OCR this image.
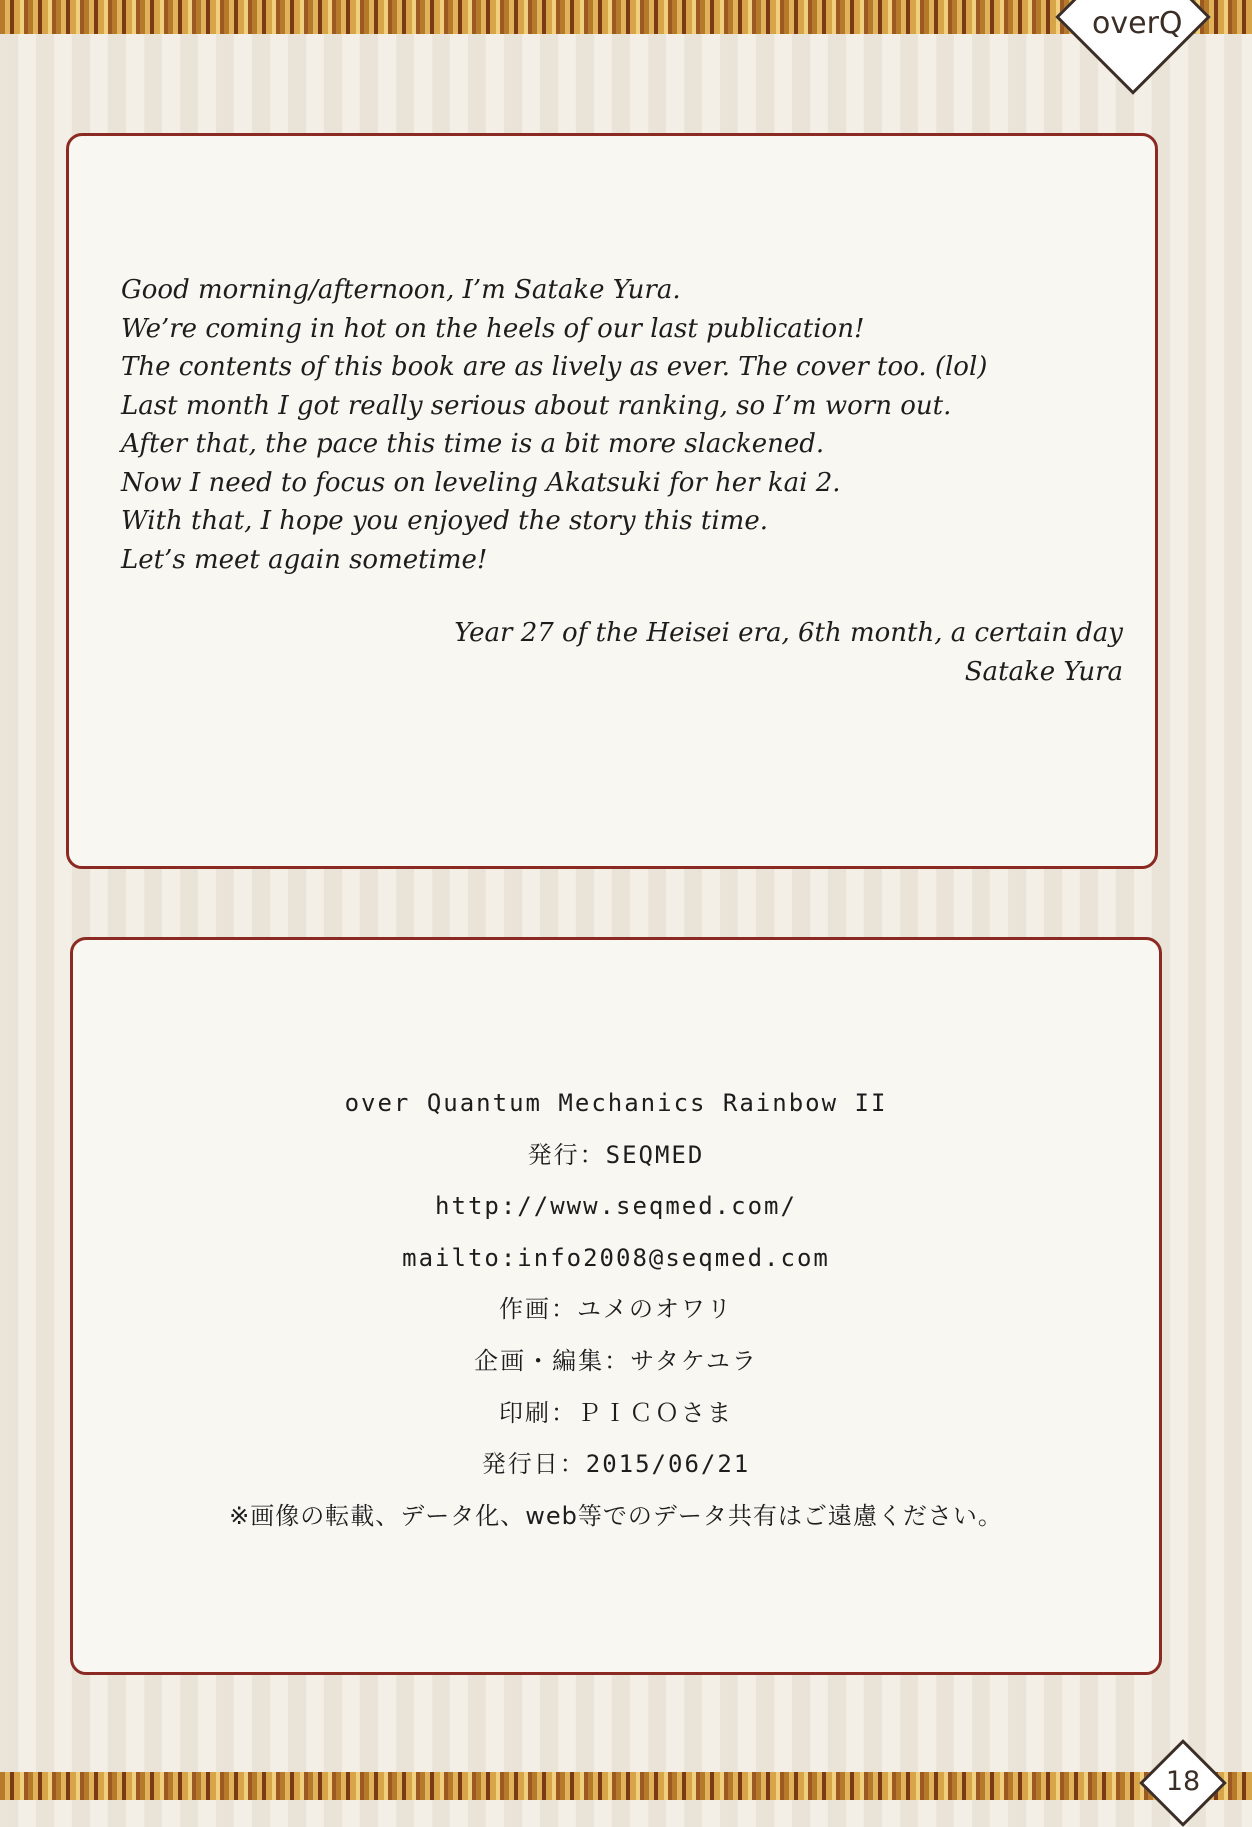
overQ
Good morning/afternoon, I’m Satake Yura.
We’re coming in hot on the heels of our last publication!
The contents of this book are as lively as ever. The cover too. (lol)
Last month I got really serious about ranking, so I’m worn out.
After that, the pace this time is a bit more slackened.
Now I need to focus on leveling Akatsuki for her kai 2.
With that, I hope you enjoyed the story this time.
Let’s meet again sometime!
Year 27 of the Heisei era, 6th month, a certain day
Satake Yura
over Quantum Mechanics Rainbow II
発行：SEQMED
http://www.seqmed.com/
mailto:info2008@seqmed.com
作画：ユメのオワリ
企画・編集：サタケユラ
印刷：ＰＩＣＯさま
発行日：2015/06/21
※画像の転載、データ化、web等でのデータ共有はご遠慮ください。
18
